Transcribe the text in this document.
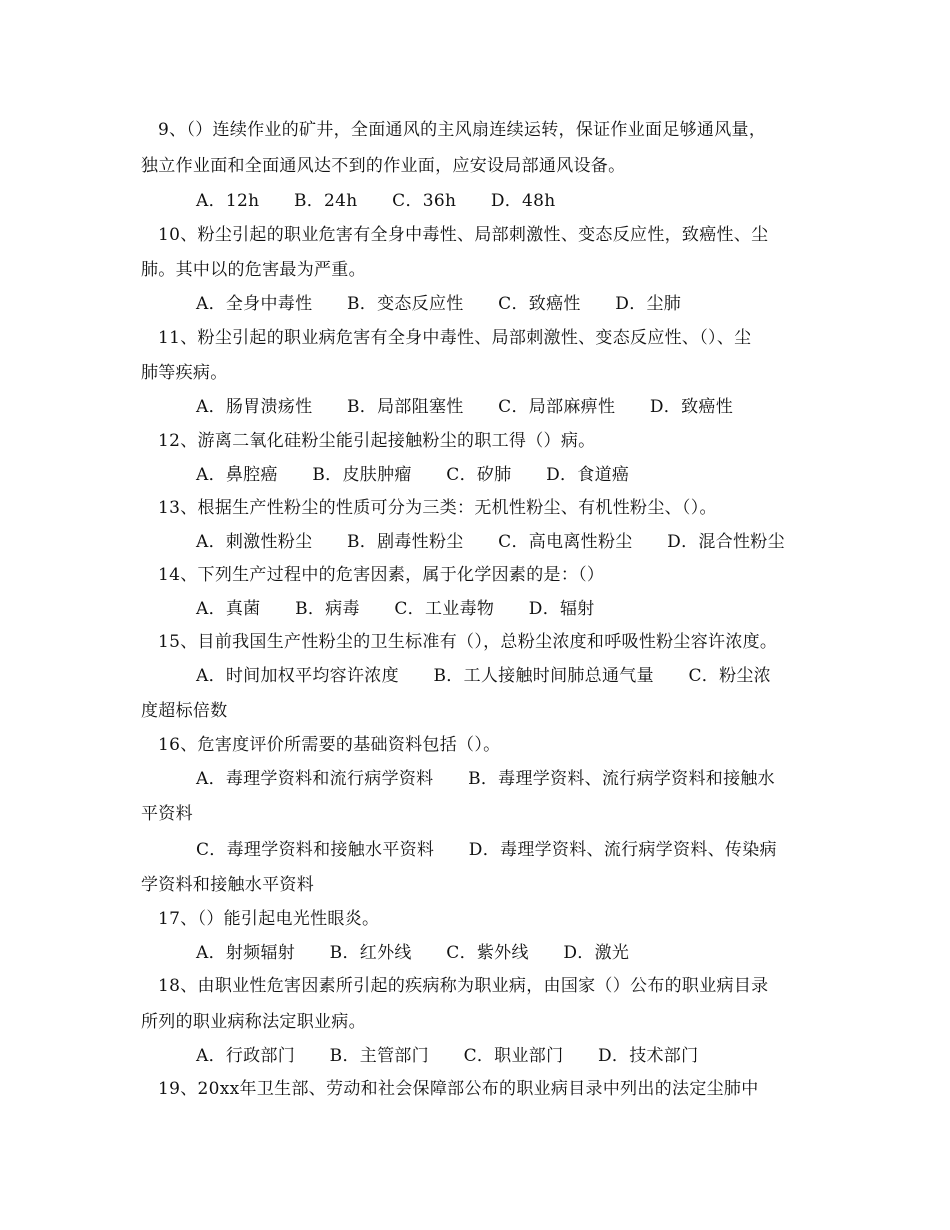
9、（）连续作业的矿井，全面通风的主风扇连续运转，保证作业面足够通风量，
独立作业面和全面通风达不到的作业面，应安设局部通风设备。
A．12h　　B．24h　　C．36h　　D．48h
10、粉尘引起的职业危害有全身中毒性、局部刺激性、变态反应性，致癌性、尘
肺。其中以的危害最为严重。
A．全身中毒性　　B．变态反应性　　C．致癌性　　D．尘肺
11、粉尘引起的职业病危害有全身中毒性、局部刺激性、变态反应性、（）、尘
肺等疾病。
A．肠胃溃疡性　　B．局部阻塞性　　C．局部麻痹性　　D．致癌性
12、游离二氧化硅粉尘能引起接触粉尘的职工得（）病。
A．鼻腔癌　　B．皮肤肿瘤　　C．矽肺　　D．食道癌
13、根据生产性粉尘的性质可分为三类：无机性粉尘、有机性粉尘、（）。
A．刺激性粉尘　　B．剧毒性粉尘　　C．高电离性粉尘　　D．混合性粉尘
14、下列生产过程中的危害因素，属于化学因素的是：（）
A．真菌　　B．病毒　　C．工业毒物　　D．辐射
15、目前我国生产性粉尘的卫生标准有（），总粉尘浓度和呼吸性粉尘容许浓度。
A．时间加权平均容许浓度　　B．工人接触时间肺总通气量　　C．粉尘浓
度超标倍数
16、危害度评价所需要的基础资料包括（）。
A．毒理学资料和流行病学资料　　B．毒理学资料、流行病学资料和接触水
平资料
C．毒理学资料和接触水平资料　　D．毒理学资料、流行病学资料、传染病
学资料和接触水平资料
17、（）能引起电光性眼炎。
A．射频辐射　　B．红外线　　C．紫外线　　D．激光
18、由职业性危害因素所引起的疾病称为职业病，由国家（）公布的职业病目录
所列的职业病称法定职业病。
A．行政部门　　B．主管部门　　C．职业部门　　D．技术部门
19、20xx年卫生部、劳动和社会保障部公布的职业病目录中列出的法定尘肺中
